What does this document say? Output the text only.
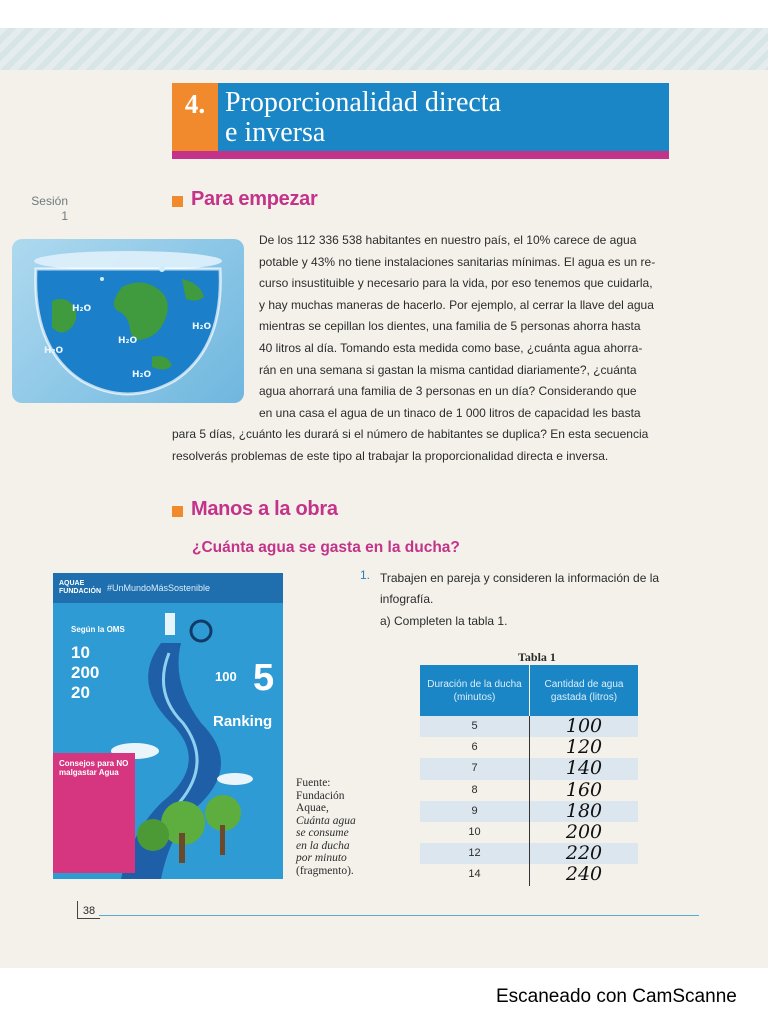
4. Proporcionalidad directa
e inversa
Sesión
1
Para empezar
H₂O
H₂O
H₂O
H₂O
H₂O

De los 112 336 538 habitantes en nuestro país, el 10% carece de agua

potable y 43% no tiene instalaciones sanitarias mínimas. El agua es un re-

curso insustituible y necesario para la vida, por eso tenemos que cuidarla,

y hay muchas maneras de hacerlo. Por ejemplo, al cerrar la llave del agua

mientras se cepillan los dientes, una familia de 5 personas ahorra hasta

40 litros al día. Tomando esta medida como base, ¿cuánta agua ahorra-

rán en una semana si gastan la misma cantidad diariamente?, ¿cuánta

agua ahorrará una familia de 3 personas en un día? Considerando que

en una casa el agua de un tinaco de 1 000 litros de capacidad les basta

para 5 días, ¿cuánto les durará si el número de habitantes se duplica? En esta secuencia

resolverás problemas de este tipo al trabajar la proporcionalidad directa e inversa.

Manos a la obra
¿Cuánta agua se gasta en la ducha?
AQUAE FUNDACIÓN #UnMundoMásSostenible
Según la OMS
10
200
20
100 5
Ranking
Consejos para NO malgastar Agua
Fuente:
Fundación
Aquae,
Cuánta agua
se consume
en la ducha
por minuto
(fragmento).
1. Trabajen en pareja y consideren la información de la infografía.
a) Completen la tabla 1.
Tabla 1
Duración de la ducha (minutos)
Cantidad de agua gastada (litros)
5	100
6	120
7	140
8	160
9	180
10	200
12	220
14	240
38
Escaneado con CamScanne
